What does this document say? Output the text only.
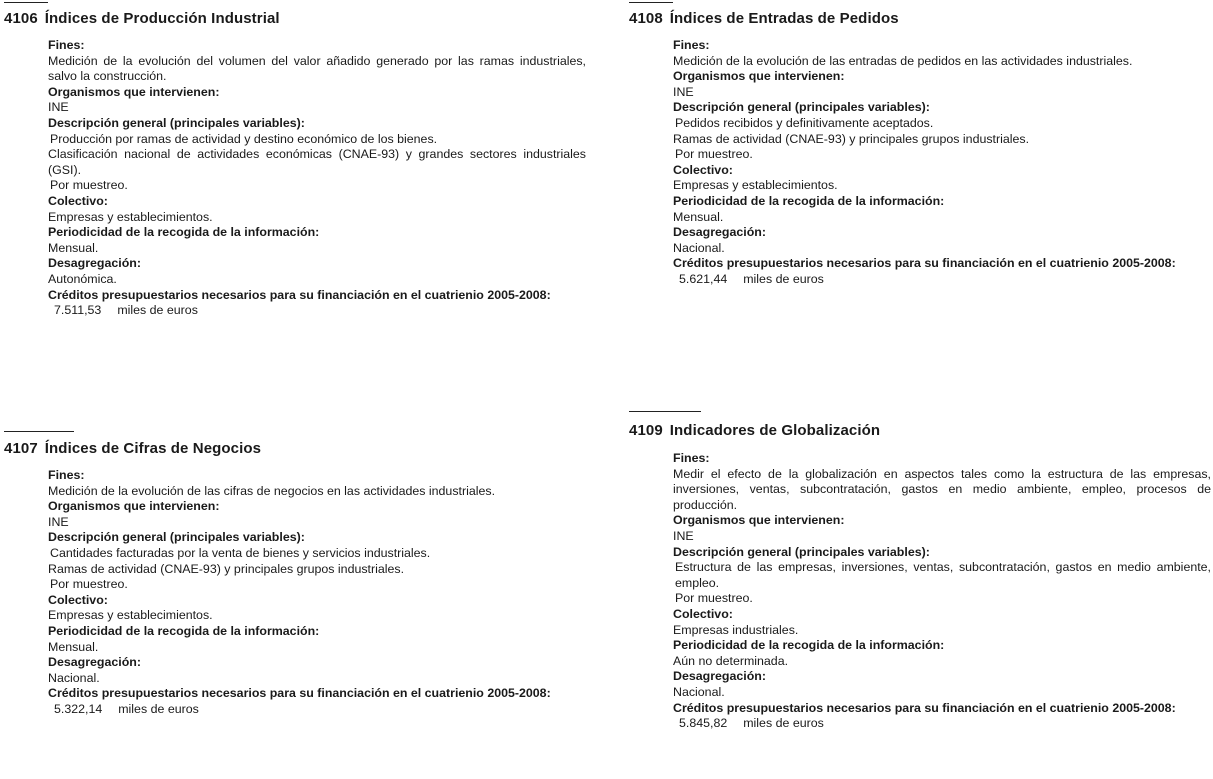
4106 Índices de Producción Industrial
Fines:
Medición de la evolución del volumen del valor añadido generado por las ramas industriales, salvo la construcción.
Organismos que intervienen:
INE
Descripción general (principales variables):
Producción por ramas de actividad y destino económico de los bienes.
Clasificación nacional de actividades económicas (CNAE-93) y grandes sectores industriales (GSI).
Por muestreo.
Colectivo:
Empresas y establecimientos.
Periodicidad de la recogida de la información:
Mensual.
Desagregación:
Autonómica.
Créditos presupuestarios necesarios para su financiación en el cuatrienio 2005-2008:
7.511,53 miles de euros
4107 Índices de Cifras de Negocios
Fines:
Medición de la evolución de las cifras de negocios en las actividades industriales.
Organismos que intervienen:
INE
Descripción general (principales variables):
Cantidades facturadas por la venta de bienes y servicios industriales.
Ramas de actividad (CNAE-93) y principales grupos industriales.
Por muestreo.
Colectivo:
Empresas y establecimientos.
Periodicidad de la recogida de la información:
Mensual.
Desagregación:
Nacional.
Créditos presupuestarios necesarios para su financiación en el cuatrienio 2005-2008:
5.322,14 miles de euros
4108 Índices de Entradas de Pedidos
Fines:
Medición de la evolución de las entradas de pedidos en las actividades industriales.
Organismos que intervienen:
INE
Descripción general (principales variables):
Pedidos recibidos y definitivamente aceptados.
Ramas de actividad (CNAE-93) y principales grupos industriales.
Por muestreo.
Colectivo:
Empresas y establecimientos.
Periodicidad de la recogida de la información:
Mensual.
Desagregación:
Nacional.
Créditos presupuestarios necesarios para su financiación en el cuatrienio 2005-2008:
5.621,44 miles de euros
4109 Indicadores de Globalización
Fines:
Medir el efecto de la globalización en aspectos tales como la estructura de las empresas, inversiones, ventas, subcontratación, gastos en medio ambiente, empleo, procesos de producción.
Organismos que intervienen:
INE
Descripción general (principales variables):
Estructura de las empresas, inversiones, ventas, subcontratación, gastos en medio ambiente, empleo.
Por muestreo.
Colectivo:
Empresas industriales.
Periodicidad de la recogida de la información:
Aún no determinada.
Desagregación:
Nacional.
Créditos presupuestarios necesarios para su financiación en el cuatrienio 2005-2008:
5.845,82 miles de euros
